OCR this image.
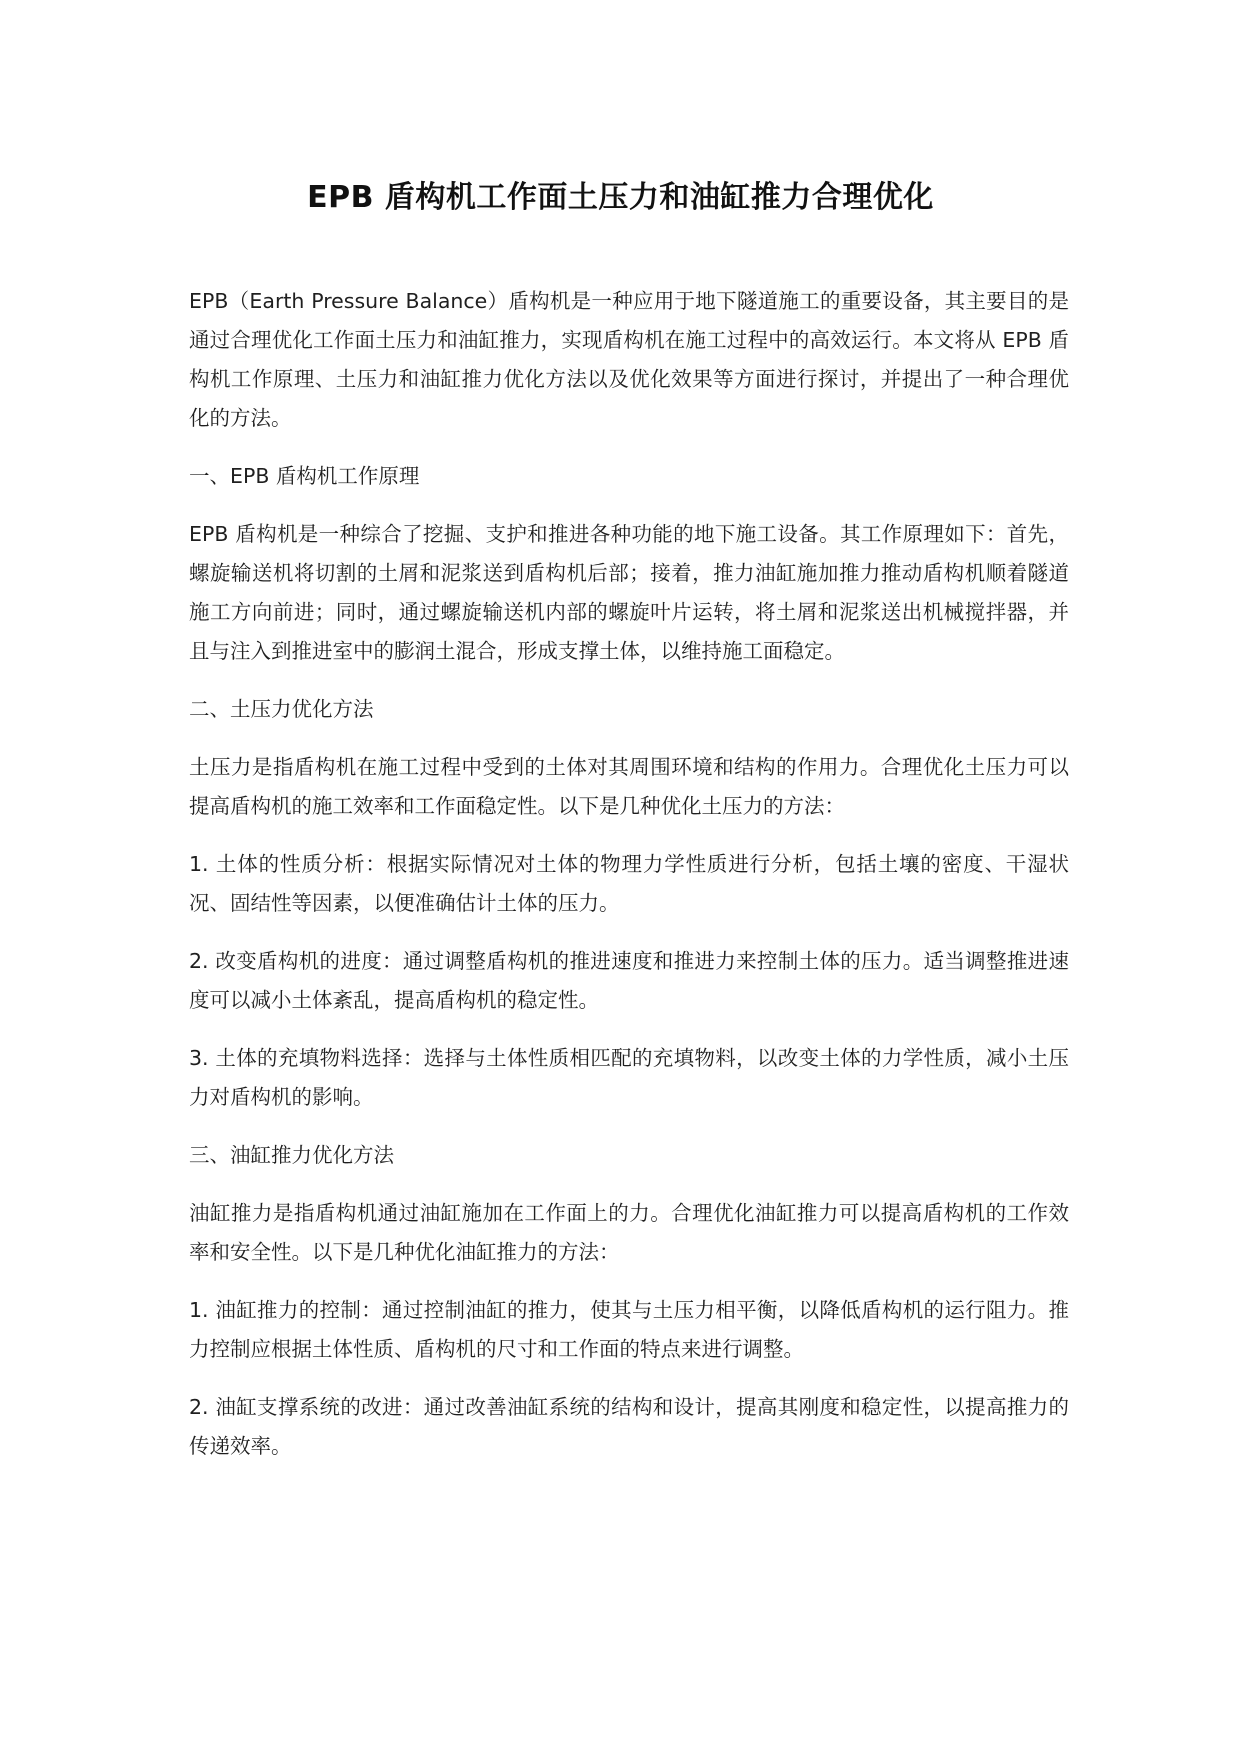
EPB 盾构机工作面土压力和油缸推力合理优化

EPB（Earth Pressure Balance）盾构机是一种应用于地下隧道施工的重要设备，其主要目的是通过合理优化工作面土压力和油缸推力，实现盾构机在施工过程中的高效运行。本文将从 EPB 盾构机工作原理、土压力和油缸推力优化方法以及优化效果等方面进行探讨，并提出了一种合理优化的方法。

一、EPB 盾构机工作原理

EPB 盾构机是一种综合了挖掘、支护和推进各种功能的地下施工设备。其工作原理如下：首先，螺旋输送机将切割的土屑和泥浆送到盾构机后部；接着，推力油缸施加推力推动盾构机顺着隧道施工方向前进；同时，通过螺旋输送机内部的螺旋叶片运转，将土屑和泥浆送出机械搅拌器，并且与注入到推进室中的膨润土混合，形成支撑土体，以维持施工面稳定。

二、土压力优化方法

土压力是指盾构机在施工过程中受到的土体对其周围环境和结构的作用力。合理优化土压力可以提高盾构机的施工效率和工作面稳定性。以下是几种优化土压力的方法：

1. 土体的性质分析：根据实际情况对土体的物理力学性质进行分析，包括土壤的密度、干湿状况、固结性等因素，以便准确估计土体的压力。

2. 改变盾构机的进度：通过调整盾构机的推进速度和推进力来控制土体的压力。适当调整推进速度可以减小土体紊乱，提高盾构机的稳定性。

3. 土体的充填物料选择：选择与土体性质相匹配的充填物料，以改变土体的力学性质，减小土压力对盾构机的影响。

三、油缸推力优化方法

油缸推力是指盾构机通过油缸施加在工作面上的力。合理优化油缸推力可以提高盾构机的工作效率和安全性。以下是几种优化油缸推力的方法：

1. 油缸推力的控制：通过控制油缸的推力，使其与土压力相平衡，以降低盾构机的运行阻力。推力控制应根据土体性质、盾构机的尺寸和工作面的特点来进行调整。

2. 油缸支撑系统的改进：通过改善油缸系统的结构和设计，提高其刚度和稳定性，以提高推力的传递效率。
